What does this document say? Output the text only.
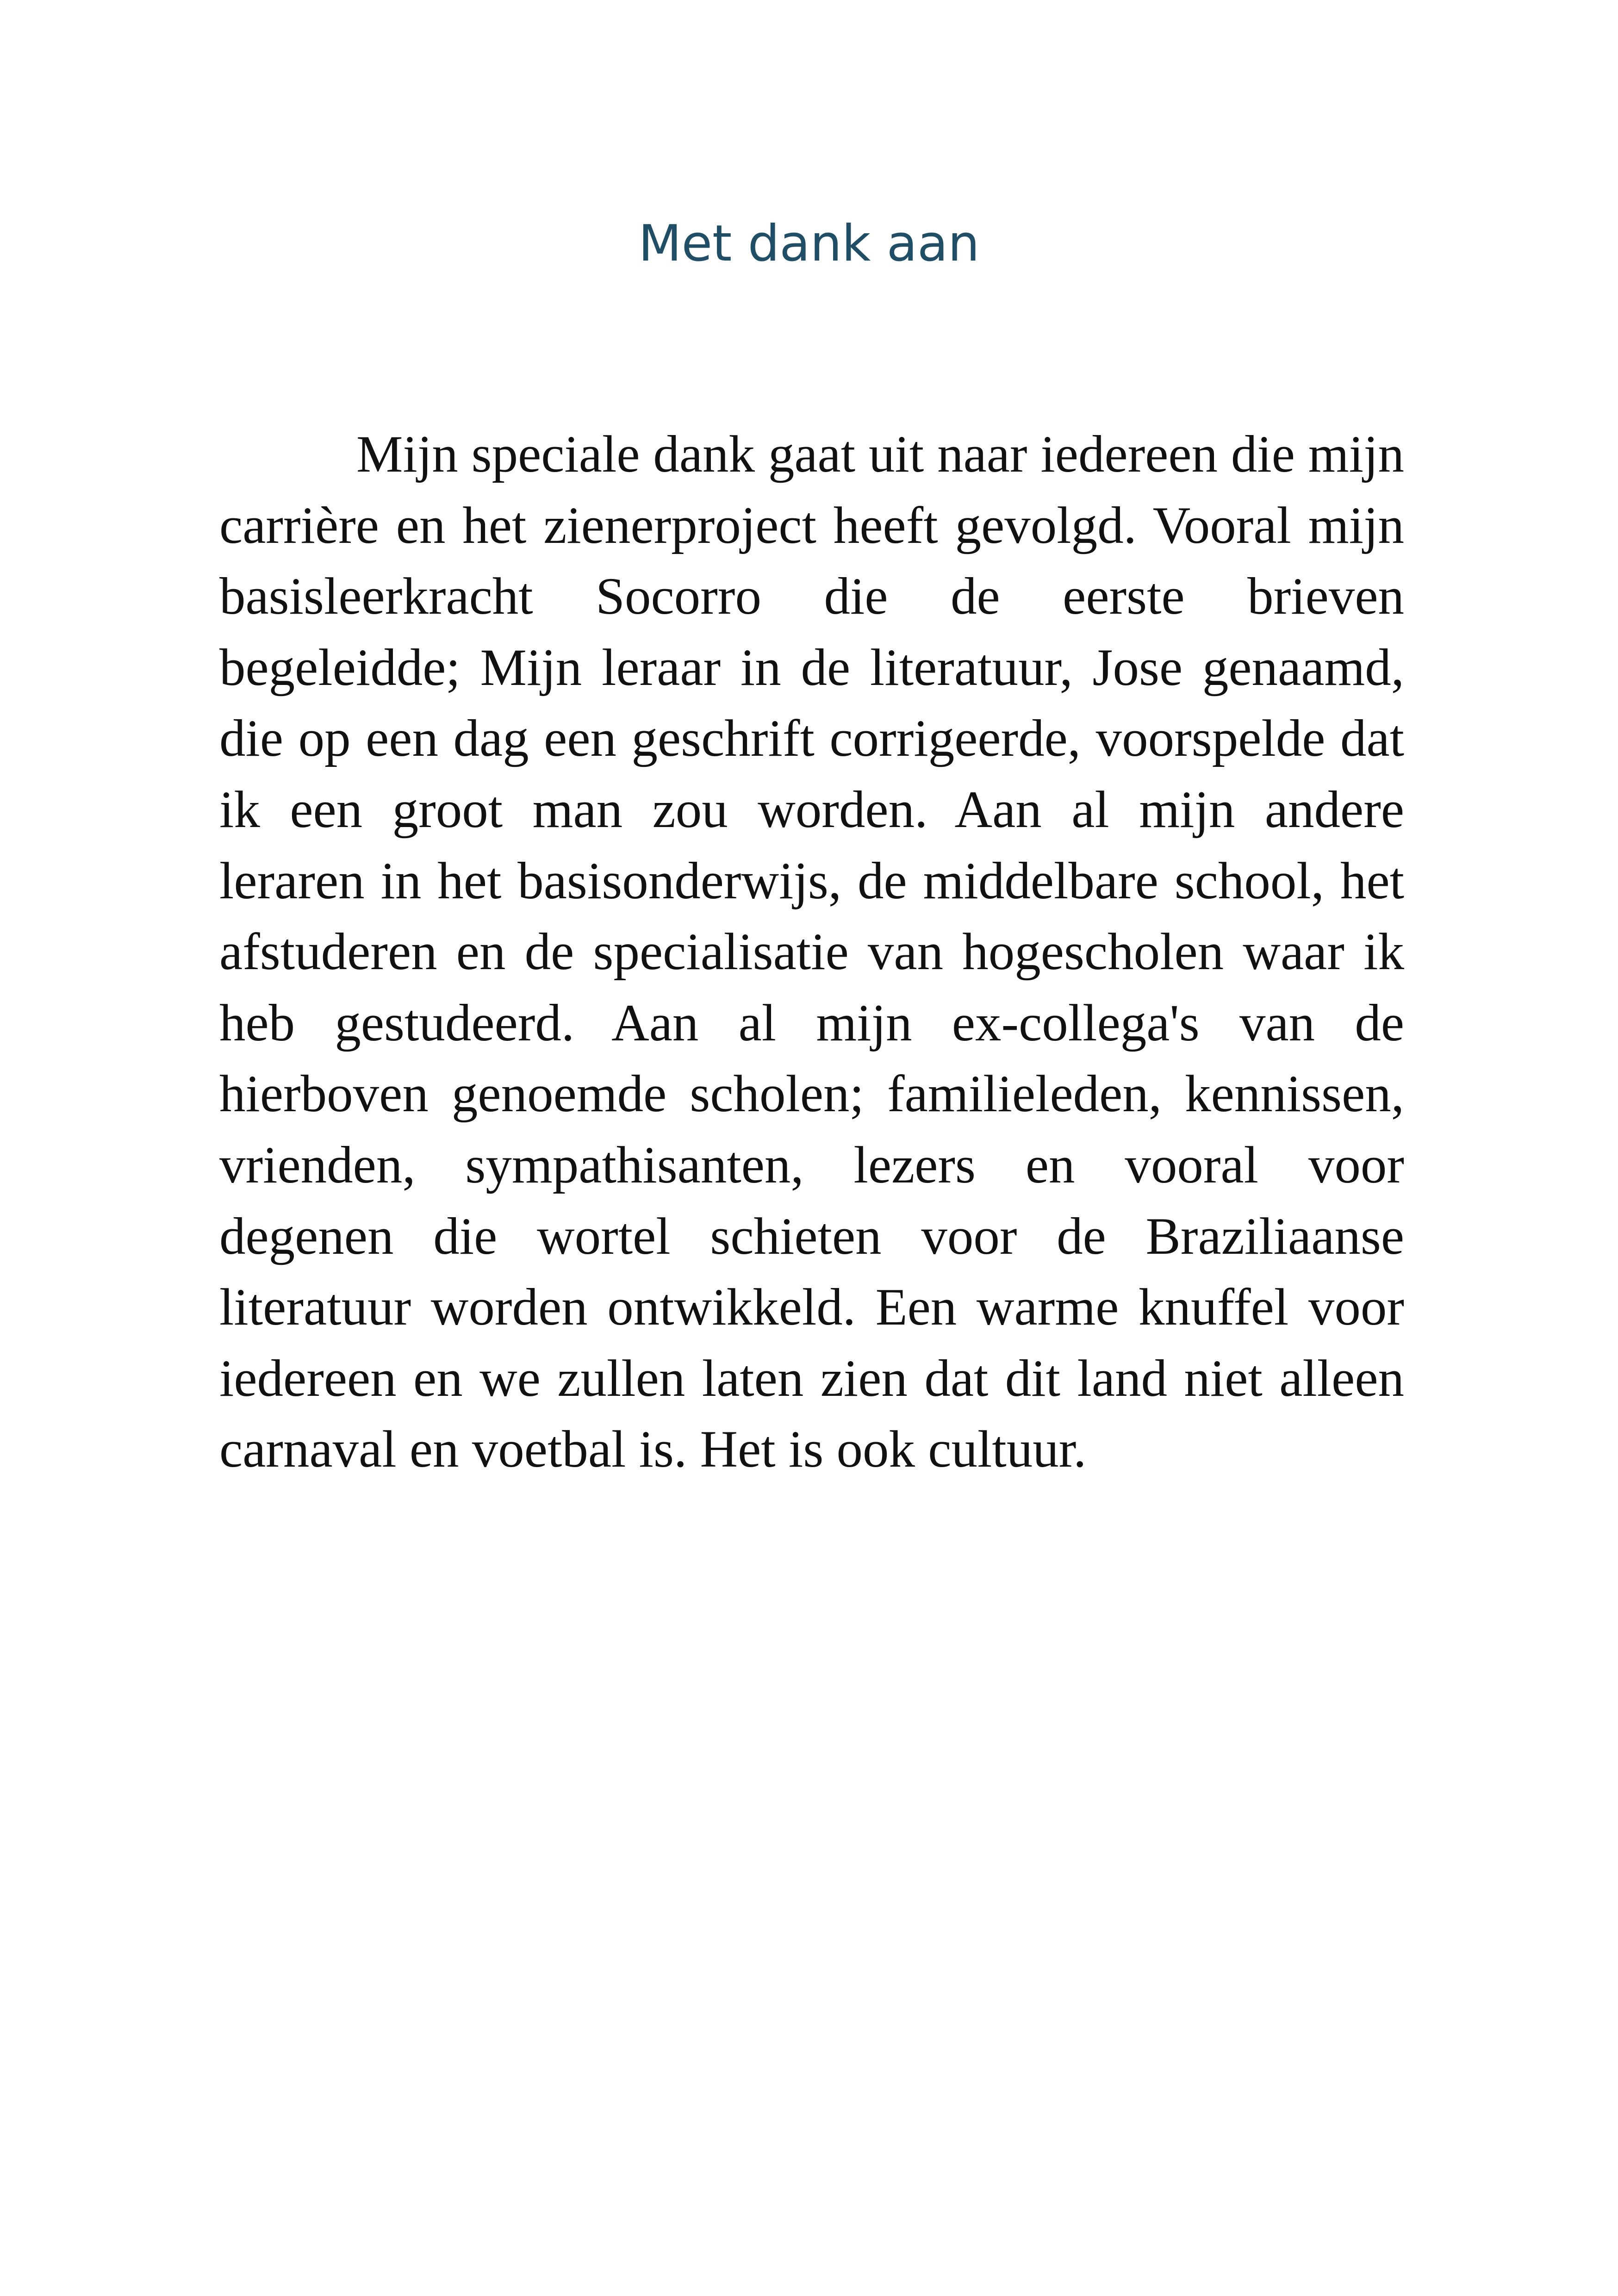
Met dank aan

Mijn speciale dank gaat uit naar iedereen die mijn carrière en het zienerproject heeft gevolgd. Vooral mijn basisleerkracht Socorro die de eerste brieven begeleidde; Mijn leraar in de literatuur, Jose genaamd, die op een dag een geschrift corrigeerde, voorspelde dat ik een groot man zou worden. Aan al mijn andere leraren in het basisonderwijs, de middelbare school, het afstuderen en de specialisatie van hogescholen waar ik heb gestudeerd. Aan al mijn ex-collega's van de hierboven genoemde scholen; familieleden, kennissen, vrienden, sympathisanten, lezers en vooral voor degenen die wortel schieten voor de Braziliaanse literatuur worden ontwikkeld. Een warme knuffel voor iedereen en we zullen laten zien dat dit land niet alleen carnaval en voetbal is. Het is ook cultuur.
